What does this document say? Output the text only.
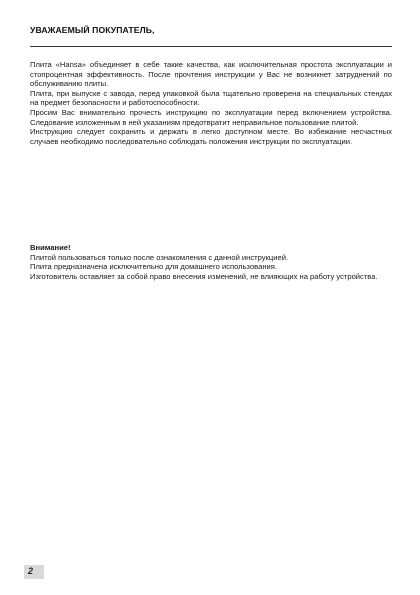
УВАЖАЕМЫЙ ПОКУПАТЕЛЬ,

Плита «Hansa» объединяет в себе такие качества, как исключительная простота эксплуатации и стопроцентная эффективность. После прочтения инструкции у Вас не возникнет затруднений по обслуживанию плиты.

Плита, при выпуске с завода, перед упаковкой была тщательно проверена на специальных стендах на предмет безопасности и работоспособности.

Просим Вас внимательно прочесть инструкцию по эксплуатации перед включением устройства. Следование изложенным в ней указаниям предотвратит неправильное пользование плитой.

Инструкцию следует сохранить и держать в легко доступном месте. Во избежание несчастных случаев необходимо последовательно соблюдать положения инструкции по эксплуатации.

Внимание!

Плитой пользоваться только после ознакомления с данной инструкцией.

Плита предназначена исключительно для домашнего использования.

Изготовитель оставляет за собой право внесения изменений, не влияющих на работу устройства.

2
